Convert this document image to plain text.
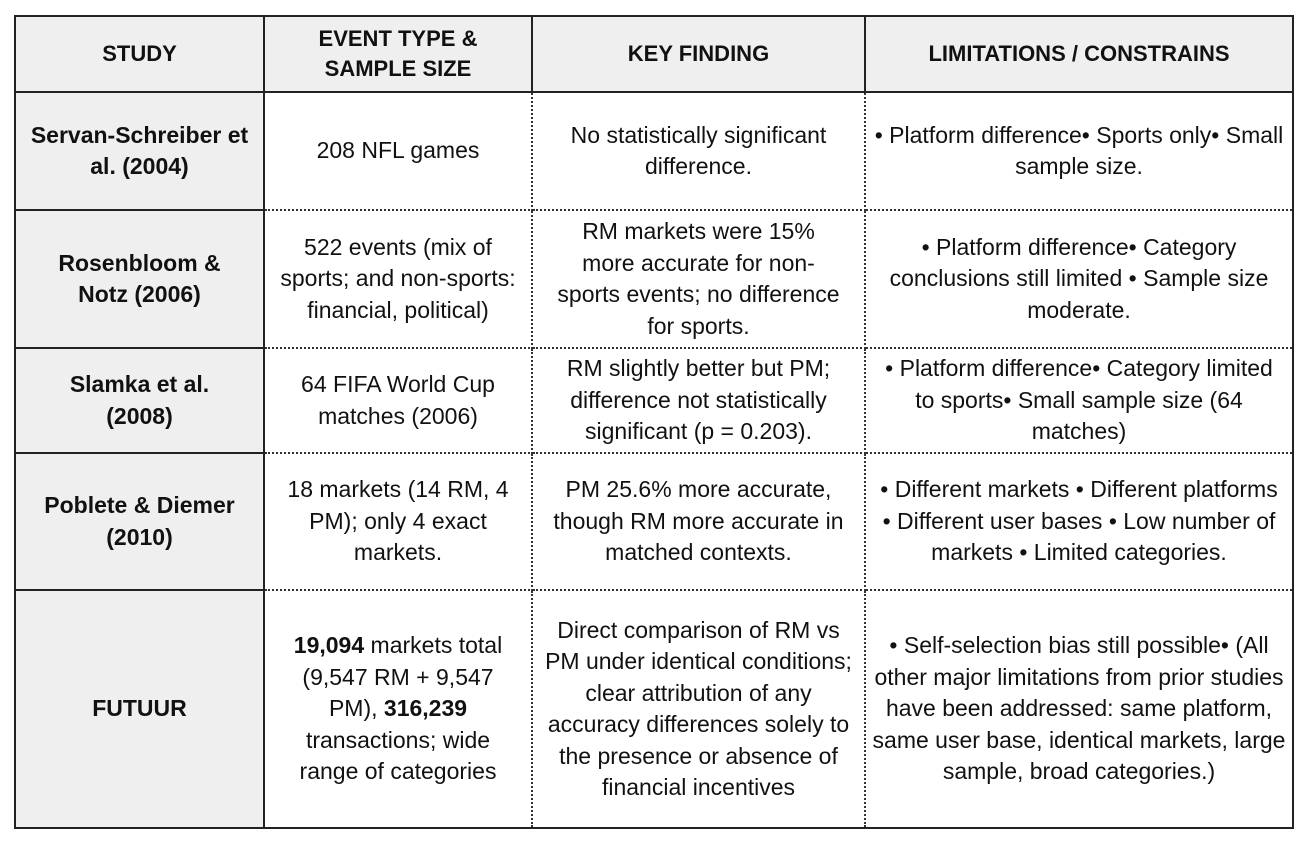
STUDY	EVENT TYPE & SAMPLE SIZE	KEY FINDING	LIMITATIONS / CONSTRAINS
Servan-Schreiber et al. (2004)	208 NFL games	No statistically significant difference.	• Platform difference• Sports only• Small sample size.
Rosenbloom & Notz (2006)	522 events (mix of sports; and non-sports: financial, political)	RM markets were 15% more accurate for non-sports events; no difference for sports.	• Platform difference• Category conclusions still limited • Sample size moderate.
Slamka et al. (2008)	64 FIFA World Cup matches (2006)	RM slightly better but PM; difference not statistically significant (p = 0.203).	• Platform difference• Category limited to sports• Small sample size (64 matches)
Poblete & Diemer (2010)	18 markets (14 RM, 4 PM); only 4 exact markets.	PM 25.6% more accurate, though RM more accurate in matched contexts.	• Different markets • Different platforms • Different user bases • Low number of markets • Limited categories.
FUTUUR	19,094 markets total (9,547 RM + 9,547 PM), 316,239 transactions; wide range of categories	Direct comparison of RM vs PM under identical conditions; clear attribution of any accuracy differences solely to the presence or absence of financial incentives	• Self-selection bias still possible• (All other major limitations from prior studies have been addressed: same platform, same user base, identical markets, large sample, broad categories.)
